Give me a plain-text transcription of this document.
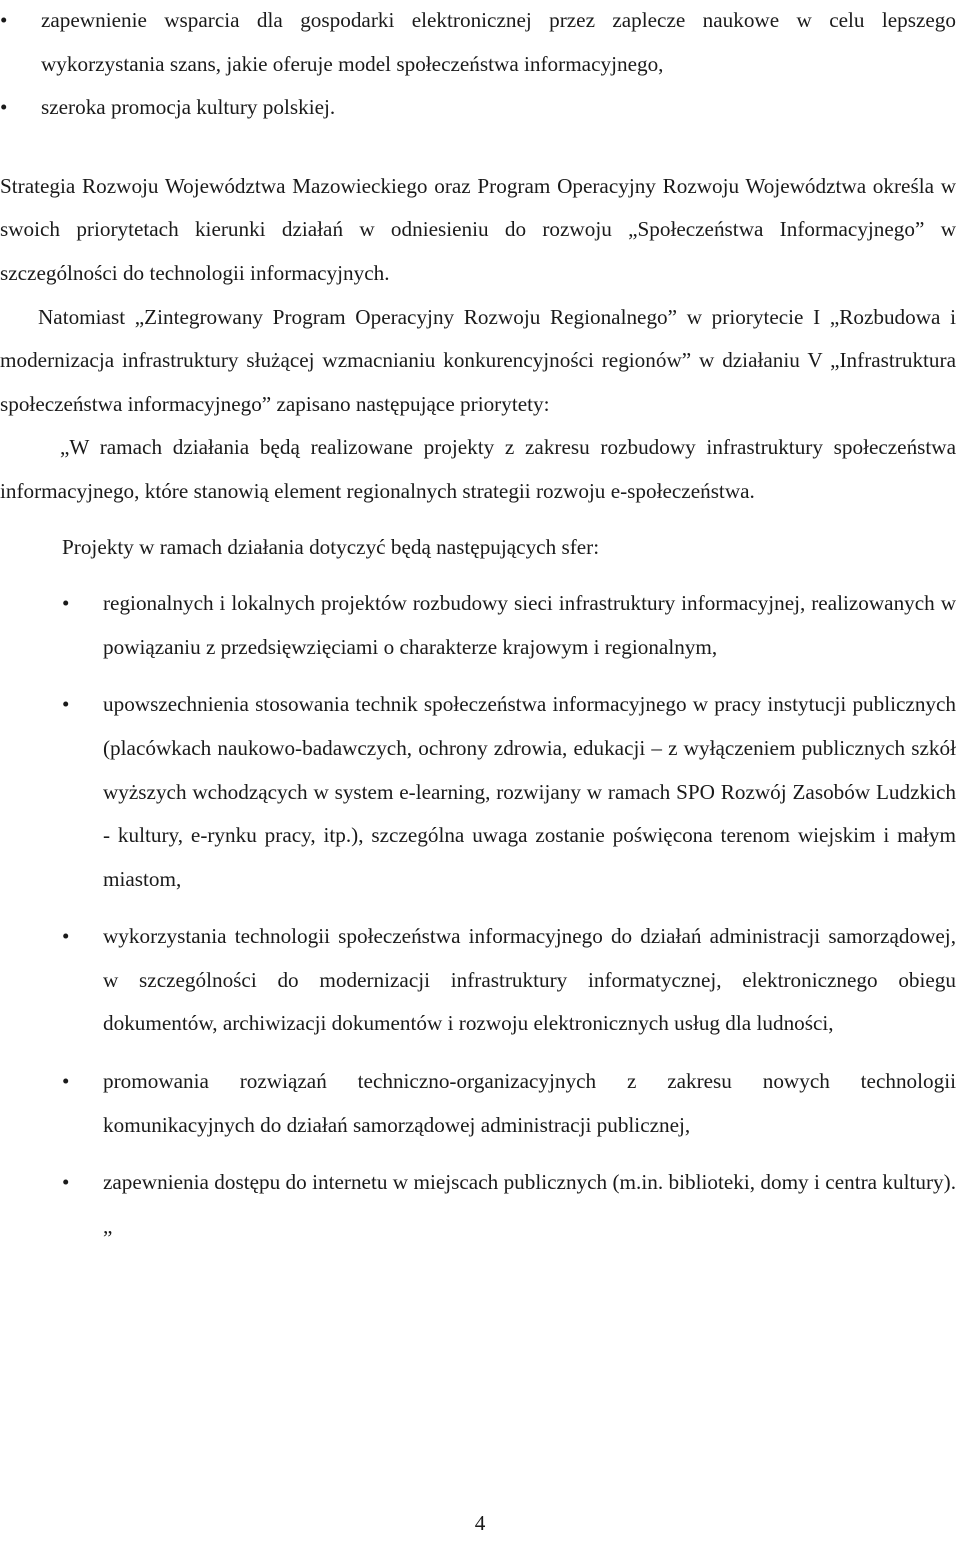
• zapewnienie wsparcia dla gospodarki elektronicznej przez zaplecze naukowe w celu lepszego wykorzystania szans, jakie oferuje model społeczeństwa informacyjnego,

• szeroka promocja kultury polskiej.

Strategia Rozwoju Województwa Mazowieckiego oraz Program Operacyjny Rozwoju Województwa określa w swoich priorytetach kierunki działań w odniesieniu do rozwoju „Społeczeństwa Informacyjnego” w szczególności do technologii informacyjnych.

Natomiast „Zintegrowany Program Operacyjny Rozwoju Regionalnego” w priorytecie I „Rozbudowa i modernizacja infrastruktury służącej wzmacnianiu konkurencyjności regionów” w działaniu V „Infrastruktura społeczeństwa informacyjnego” zapisano następujące priorytety:

„W ramach działania będą realizowane projekty z zakresu rozbudowy infrastruktury społeczeństwa informacyjnego, które stanowią element regionalnych strategii rozwoju e-społeczeństwa.

Projekty w ramach działania dotyczyć będą następujących sfer:

• regionalnych i lokalnych projektów rozbudowy sieci infrastruktury informacyjnej, realizowanych w powiązaniu z przedsięwzięciami o charakterze krajowym i regionalnym,

• upowszechnienia stosowania technik społeczeństwa informacyjnego w pracy instytucji publicznych (placówkach naukowo-badawczych, ochrony zdrowia, edukacji – z wyłączeniem publicznych szkół wyższych wchodzących w system e-learning, rozwijany w ramach SPO Rozwój Zasobów Ludzkich - kultury, e-rynku pracy, itp.), szczególna uwaga zostanie poświęcona terenom wiejskim i małym miastom,

• wykorzystania technologii społeczeństwa informacyjnego do działań administracji samorządowej, w szczególności do modernizacji infrastruktury informatycznej, elektronicznego obiegu dokumentów, archiwizacji dokumentów i rozwoju elektronicznych usług dla ludności,

• promowania rozwiązań techniczno-organizacyjnych z zakresu nowych technologii komunikacyjnych do działań samorządowej administracji publicznej,

• zapewnienia dostępu do internetu w miejscach publicznych (m.in. biblioteki, domy i centra kultury). „

4
